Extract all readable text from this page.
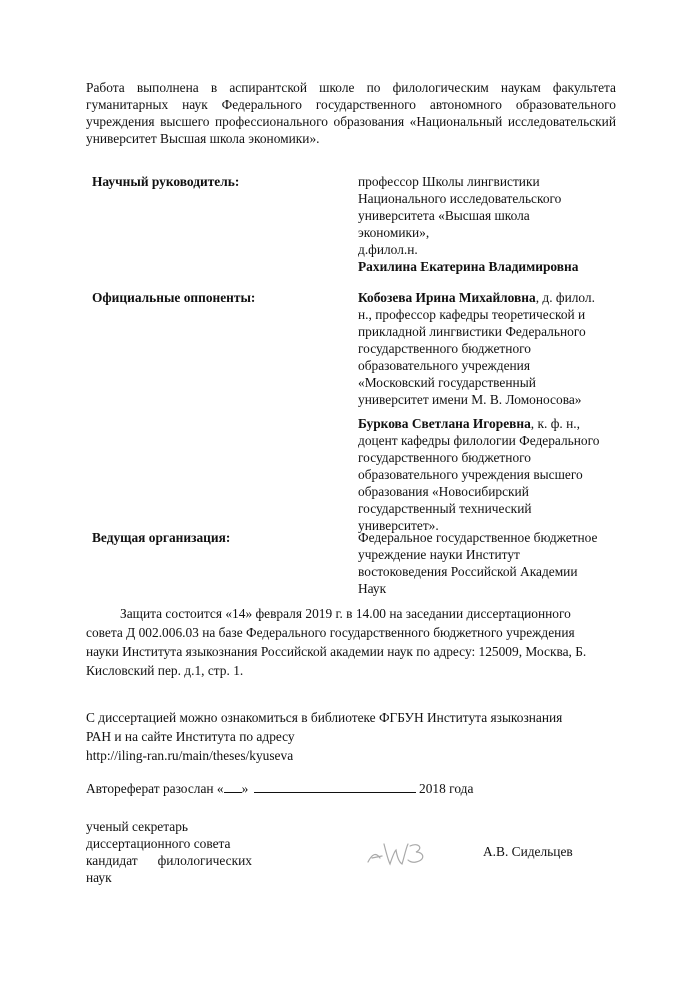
Работа выполнена в аспирантской школе по филологическим наукам факультета гуманитарных наук Федерального государственного автономного образовательного учреждения высшего профессионального образования «Национальный исследовательский университет Высшая школа экономики».
Научный руководитель:	профессор Школы лингвистики
Национального исследовательского
университета «Высшая школа
экономики»,
д.филол.н.
Рахилина Екатерина Владимировна
Официальные оппоненты:	Кобозева Ирина Михайловна, д. филол.
н., профессор кафедры теоретической и
прикладной лингвистики Федерального
государственного бюджетного
образовательного учреждения
«Московский государственный
университет имени М. В. Ломоносова»
Буркова Светлана Игоревна, к. ф. н.,
доцент кафедры филологии Федерального
государственного бюджетного
образовательного учреждения высшего
образования «Новосибирский
государственный технический
университет».
Ведущая организация:	Федеральное государственное бюджетное
учреждение науки Институт
востоковедения Российской Академии
Наук
Защита состоится «14» февраля 2019 г. в 14.00 на заседании диссертационного
совета Д 002.006.03 на базе Федерального государственного бюджетного учреждения
науки Института языкознания Российской академии наук по адресу: 125009, Москва, Б.
Кисловский пер. д.1, стр. 1.
С диссертацией можно ознакомиться в библиотеке ФГБУН Института языкознания
РАН и на сайте Института по адресу
http://iling-ran.ru/main/theses/kyuseva
Автореферат разослан « »	2018 года
ученый секретарь
диссертационного совета
кандидат филологических
наук
А.В. Сидельцев
